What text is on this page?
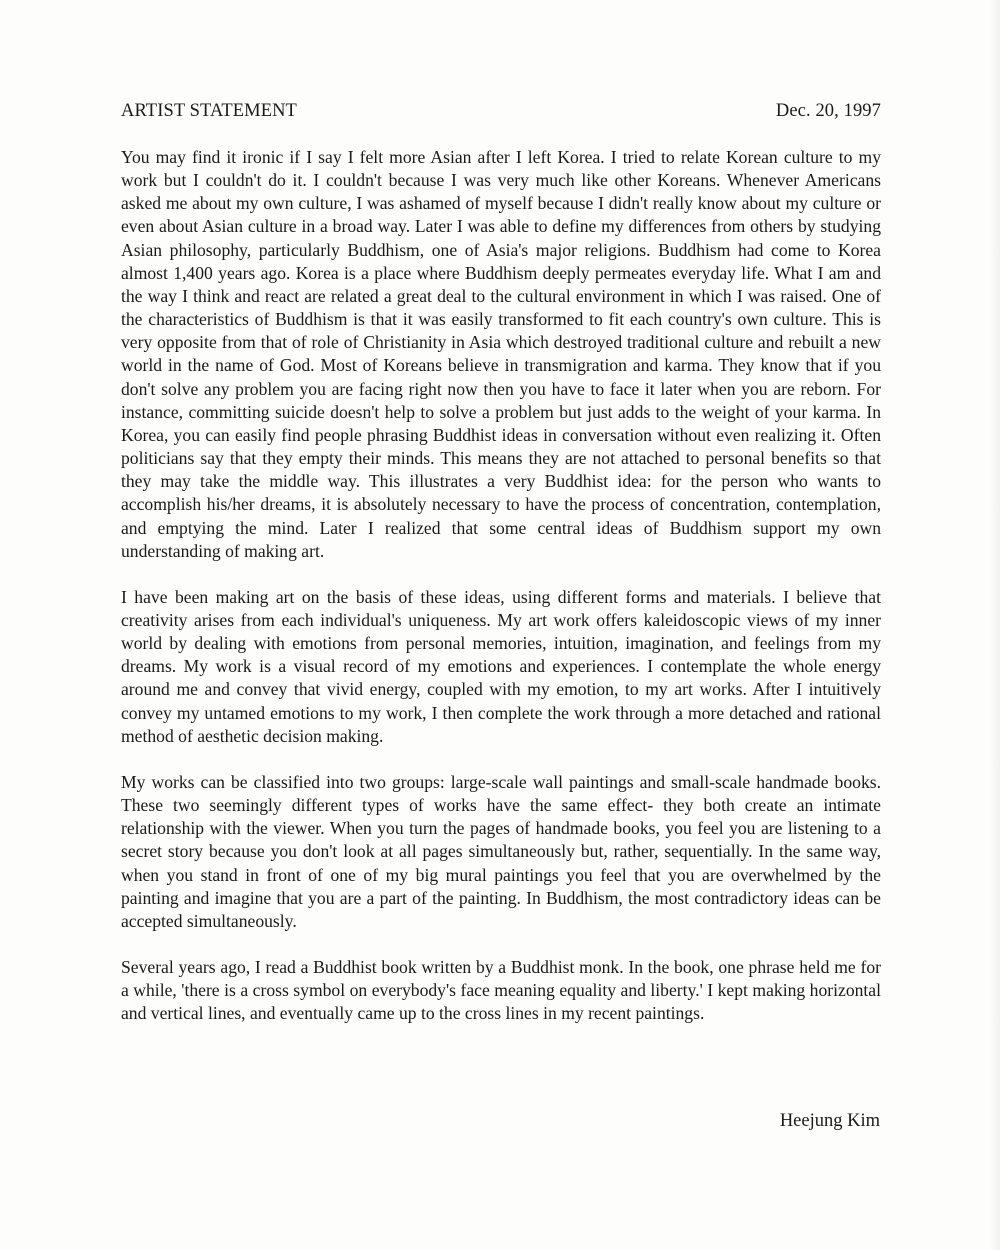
ARTIST STATEMENT	Dec. 20, 1997

You may find it ironic if I say I felt more Asian after I left Korea. I tried to relate Korean culture to my work but I couldn't do it. I couldn't because I was very much like other Koreans. Whenever Americans asked me about my own culture, I was ashamed of myself because I didn't really know about my culture or even about Asian culture in a broad way. Later I was able to define my differences from others by studying Asian philosophy, particularly Buddhism, one of Asia's major religions. Buddhism had come to Korea almost 1,400 years ago. Korea is a place where Buddhism deeply permeates everyday life. What I am and the way I think and react are related a great deal to the cultural environment in which I was raised. One of the characteristics of Buddhism is that it was easily transformed to fit each country's own culture. This is very opposite from that of role of Christianity in Asia which destroyed traditional culture and rebuilt a new world in the name of God. Most of Koreans believe in transmigration and karma. They know that if you don't solve any problem you are facing right now then you have to face it later when you are reborn. For instance, committing suicide doesn't help to solve a problem but just adds to the weight of your karma. In Korea, you can easily find people phrasing Buddhist ideas in conversation without even realizing it. Often politicians say that they empty their minds. This means they are not attached to personal benefits so that they may take the middle way. This illustrates a very Buddhist idea: for the person who wants to accomplish his/her dreams, it is absolutely necessary to have the process of concentration, contemplation, and emptying the mind. Later I realized that some central ideas of Buddhism support my own understanding of making art.

I have been making art on the basis of these ideas, using different forms and materials. I believe that creativity arises from each individual's uniqueness. My art work offers kaleidoscopic views of my inner world by dealing with emotions from personal memories, intuition, imagination, and feelings from my dreams. My work is a visual record of my emotions and experiences. I contemplate the whole energy around me and convey that vivid energy, coupled with my emotion, to my art works. After I intuitively convey my untamed emotions to my work, I then complete the work through a more detached and rational method of aesthetic decision making.

My works can be classified into two groups: large-scale wall paintings and small-scale handmade books. These two seemingly different types of works have the same effect- they both create an intimate relationship with the viewer. When you turn the pages of handmade books, you feel you are listening to a secret story because you don't look at all pages simultaneously but, rather, sequentially. In the same way, when you stand in front of one of my big mural paintings you feel that you are overwhelmed by the painting and imagine that you are a part of the painting. In Buddhism, the most contradictory ideas can be accepted simultaneously.

Several years ago, I read a Buddhist book written by a Buddhist monk. In the book, one phrase held me for a while, 'there is a cross symbol on everybody's face meaning equality and liberty.' I kept making horizontal and vertical lines, and eventually came up to the cross lines in my recent paintings.

Heejung Kim
